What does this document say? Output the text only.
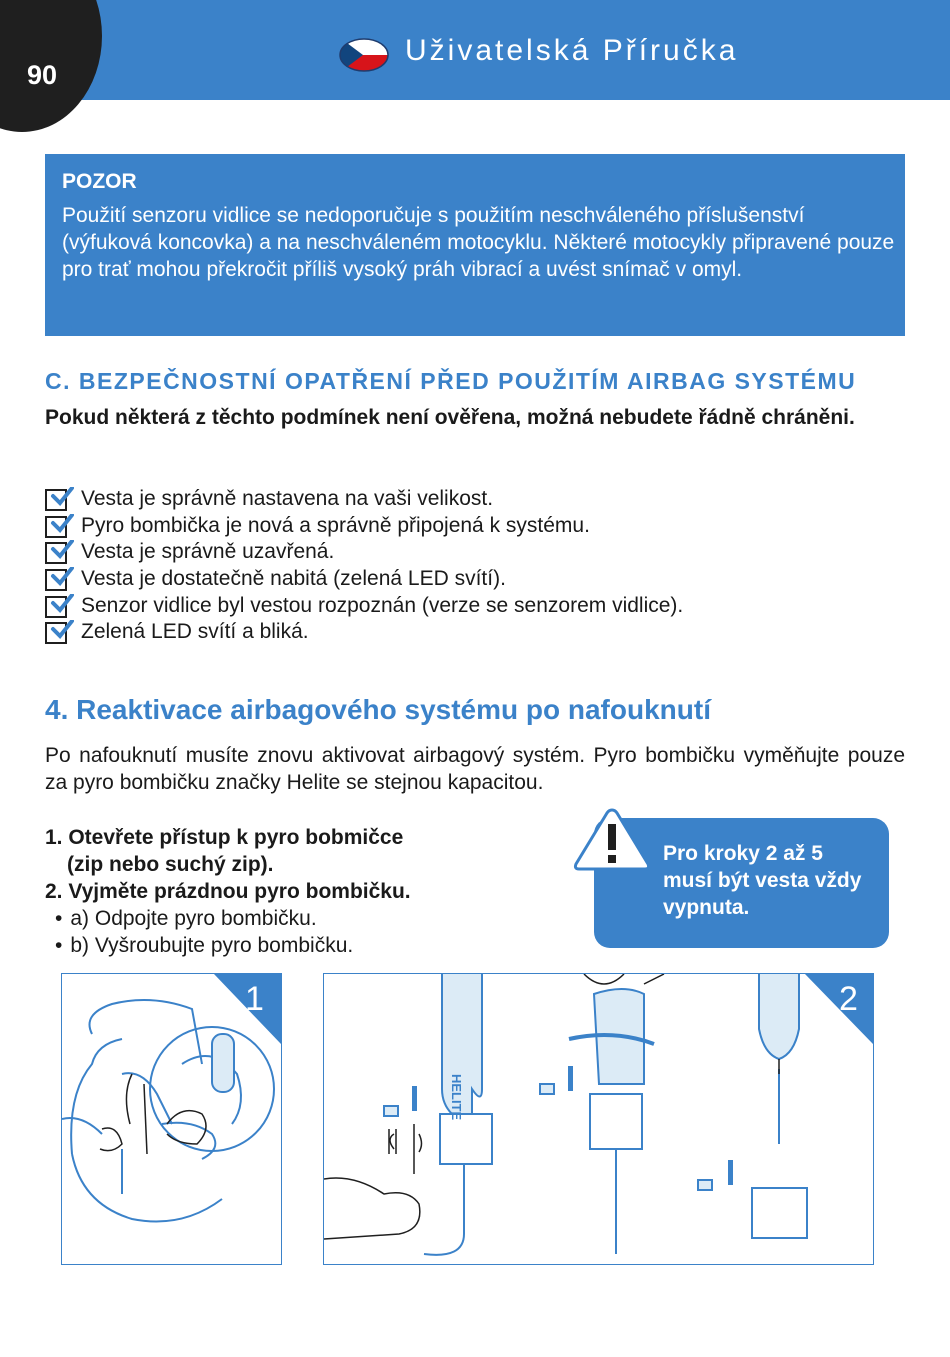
90
Uživatelská Příručka
POZOR
Použití senzoru vidlice se nedoporučuje s použitím neschváleného příslušenství (výfuková koncovka) a na neschváleném motocyklu. Některé motocykly připravené pouze pro trať mohou překročit příliš vysoký práh vibrací a uvést snímač v omyl.
C. BEZPEČNOSTNÍ OPATŘENÍ PŘED POUŽITÍM AIRBAG SYSTÉMU
Pokud některá z těchto podmínek není ověřena, možná nebudete řádně chráněni.
Vesta je správně nastavena na vaši velikost.
Pyro bombička je nová a správně připojená k systému.
Vesta je správně uzavřená.
Vesta je dostatečně nabitá (zelená LED svítí).
Senzor vidlice byl vestou rozpoznán (verze se senzorem vidlice).
Zelená LED svítí a bliká.
4. Reaktivace airbagového systému po nafouknutí
Po nafouknutí musíte znovu aktivovat airbagový systém. Pyro bombičku vyměňujte pouze za pyro bombičku značky Helite se stejnou kapacitou.
1. Otevřete přístup k pyro bobmičce
(zip nebo suchý zip).
2. Vyjměte prázdnou pyro bombičku.
• a) Odpojte pyro bombičku.
• b) Vyšroubujte pyro bombičku.
Pro kroky 2 až 5 musí být vesta vždy vypnuta.
1
HELITE
2
